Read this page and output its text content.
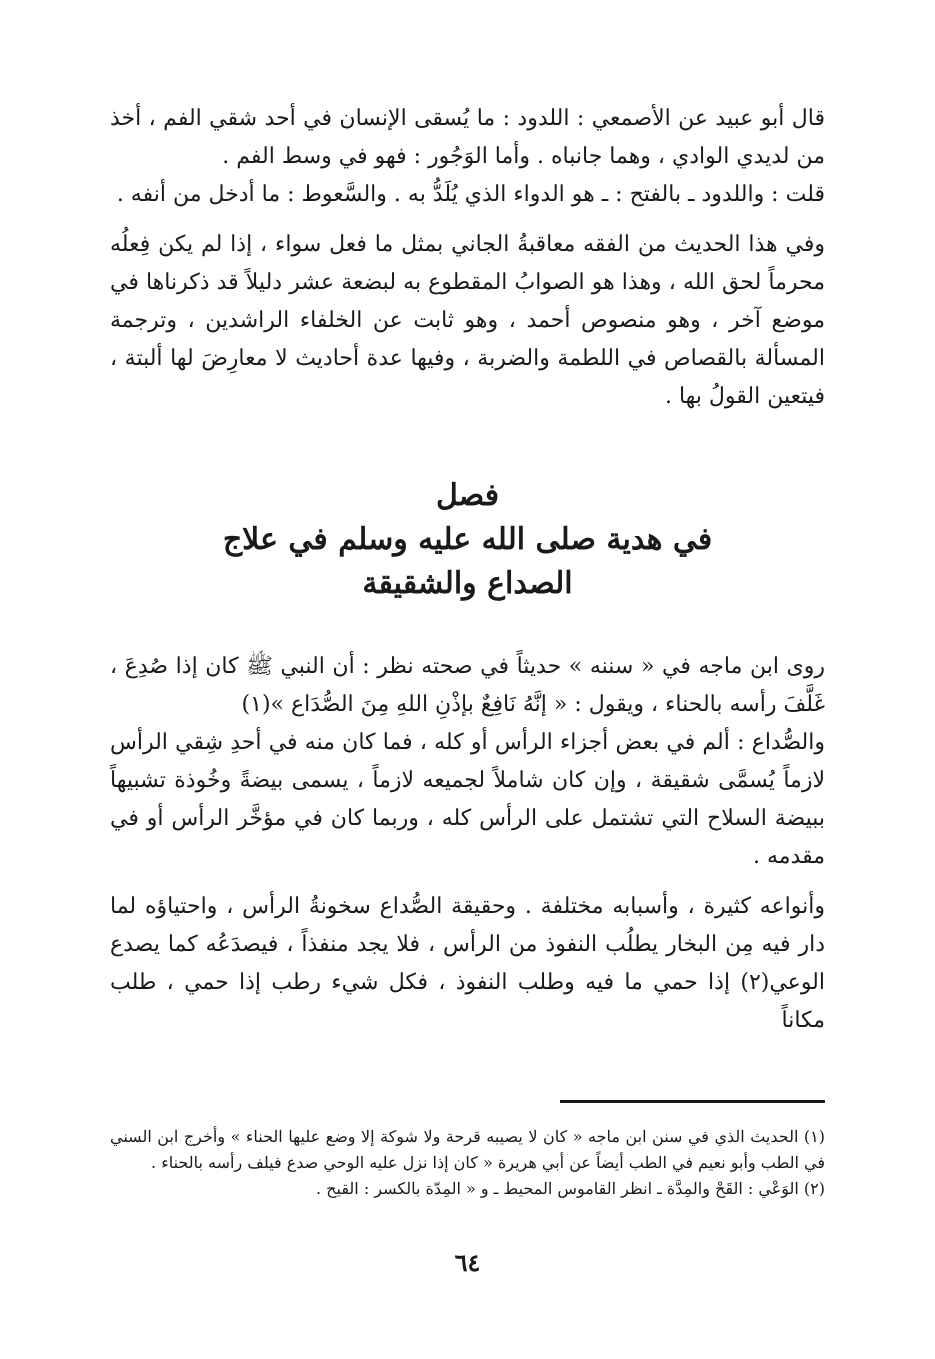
قال أبو عبيد عن الأصمعي : اللدود : ما يُسقى الإنسان في أحد شقي الفم ، أخذ من لديدي الوادي ، وهما جانباه . وأما الوَجُور : فهو في وسط الفم .

قلت : واللدود ـ بالفتح : ـ هو الدواء الذي يُلَدُّ به . والسَّعوط : ما أدخل من أنفه .

وفي هذا الحديث من الفقه معاقبةُ الجاني بمثل ما فعل سواء ، إذا لم يكن فِعلُه محرماً لحق الله ، وهذا هو الصوابُ المقطوع به لبضعة عشر دليلاً قد ذكرناها في موضع آخر ، وهو منصوص أحمد ، وهو ثابت عن الخلفاء الراشدين ، وترجمة المسألة بالقصاص في اللطمة والضربة ، وفيها عدة أحاديث لا معارِضَ لها ألبتة ، فيتعين القولُ بها .

فصل

في هدية صلى الله عليه وسلم في علاج

الصداع والشقيقة

روى ابن ماجه في « سننه » حديثاً في صحته نظر : أن النبي ﷺ كان إذا صُدِعَ ، غَلَّفَ رأسه بالحناء ، ويقول : « إنَّهُ نَافِعٌ بإذْنِ اللهِ مِنَ الصُّدَاع »(١)

والصُّداع : ألم في بعض أجزاء الرأس أو كله ، فما كان منه في أحدِ شِقي الرأس لازماً يُسمَّى شقيقة ، وإن كان شاملاً لجميعه لازماً ، يسمى بيضةً وخُوذة تشبيهاً ببيضة السلاح التي تشتمل على الرأس كله ، وربما كان في مؤخَّر الرأس أو في مقدمه .

وأنواعه كثيرة ، وأسبابه مختلفة . وحقيقة الصُّداع سخونةُ الرأس ، واحتياؤه لما دار فيه مِن البخار يطلُب النفوذ من الرأس ، فلا يجد منفذاً ، فيصدَعُه كما يصدع الوعي(٢) إذا حمي ما فيه وطلب النفوذ ، فكل شيء رطب إذا حمي ، طلب مكاناً

(١) الحديث الذي في سنن ابن ماجه « كان لا يصيبه قرحة ولا شوكة إلا وضع عليها الحناء » وأخرج ابن السني في الطب وأبو نعيم في الطب أيضاً عن أبي هريرة « كان إذا نزل عليه الوحي صدع فيلف رأسه بالحناء .

(٢) الوَعْي : القَحْ والمِدَّة ـ انظر القاموس المحيط ـ و « المِدّة بالكسر : القيح .

٦٤
